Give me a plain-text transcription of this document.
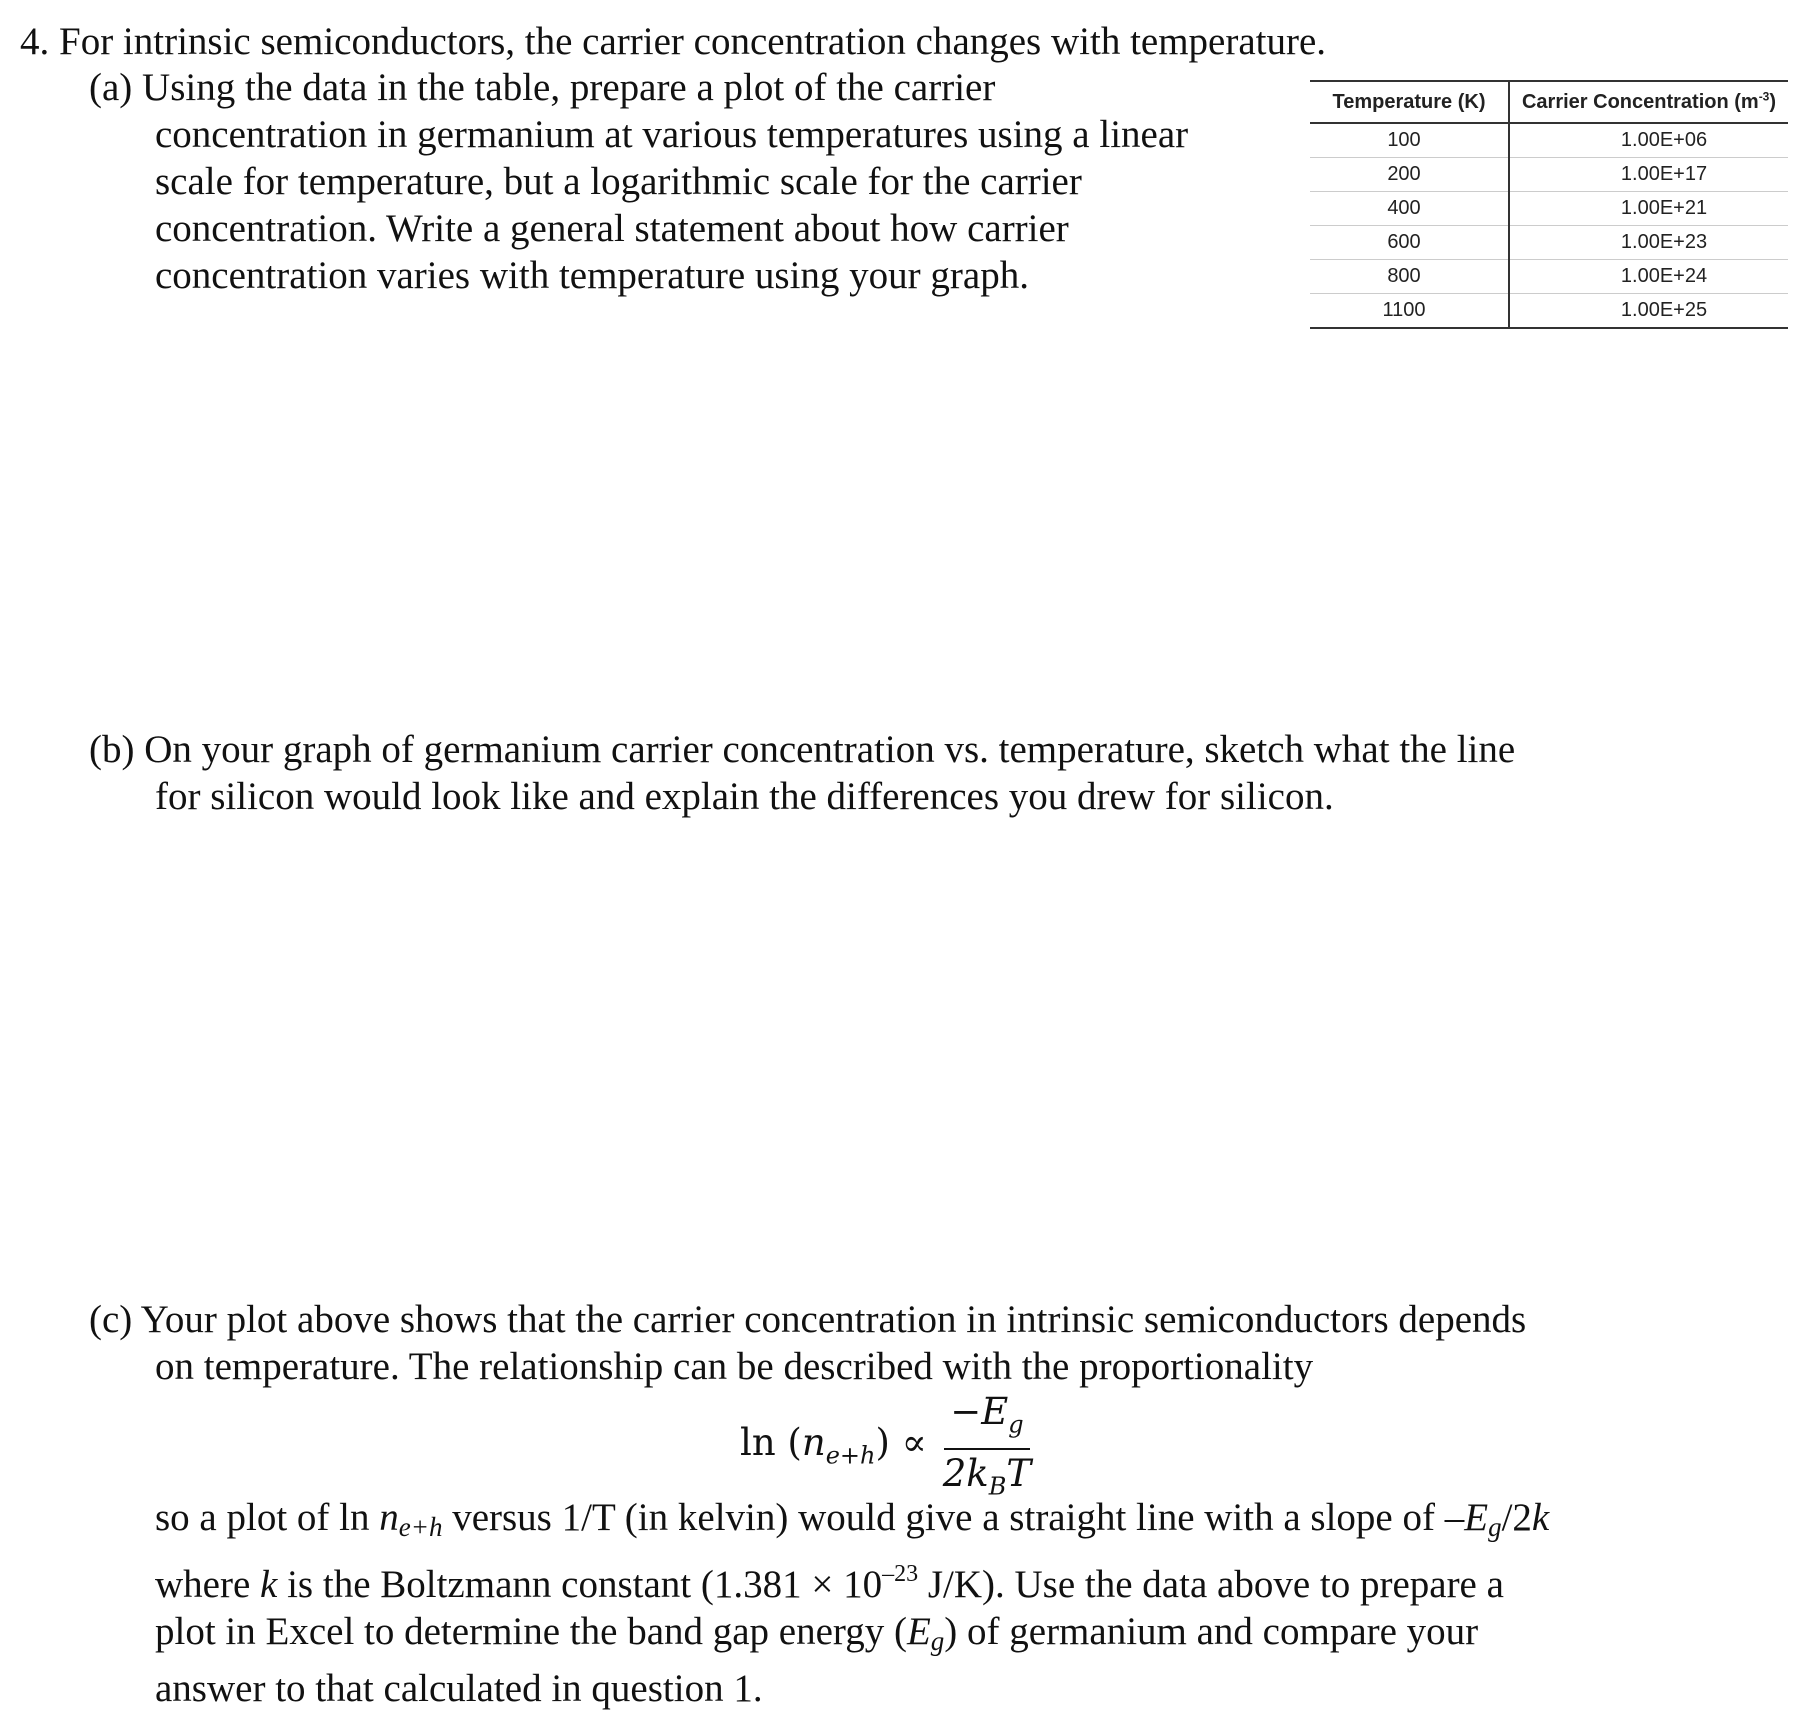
4. For intrinsic semiconductors, the carrier concentration changes with temperature.
(a) Using the data in the table, prepare a plot of the carrier
concentration in germanium at various temperatures using a linear
scale for temperature, but a logarithmic scale for the carrier
concentration. Write a general statement about how carrier
concentration varies with temperature using your graph.
Temperature (K)	Carrier Concentration $(m^{-3})$
100	1.00E+06
200	1.00E+17
400	1.00E+21
600	1.00E+23
800	1.00E+24
1100	1.00E+25
(b) On your graph of germanium carrier concentration vs. temperature, sketch what the line
for silicon would look like and explain the differences you drew for silicon.
(c) Your plot above shows that the carrier concentration in intrinsic semiconductors depends
on temperature. The relationship can be described with the proportionality
$\ln (n_{e+h}) \propto \frac{-E_g}{2k_BT}$
so a plot of ln ne+h versus 1/T (in kelvin) would give a straight line with a slope of –Eg/2k
where k is the Boltzmann constant ($1.381 \times 10^{-23}$ J/K). Use the data above to prepare a
plot in Excel to determine the band gap energy (Eg) of germanium and compare your
answer to that calculated in question 1.
